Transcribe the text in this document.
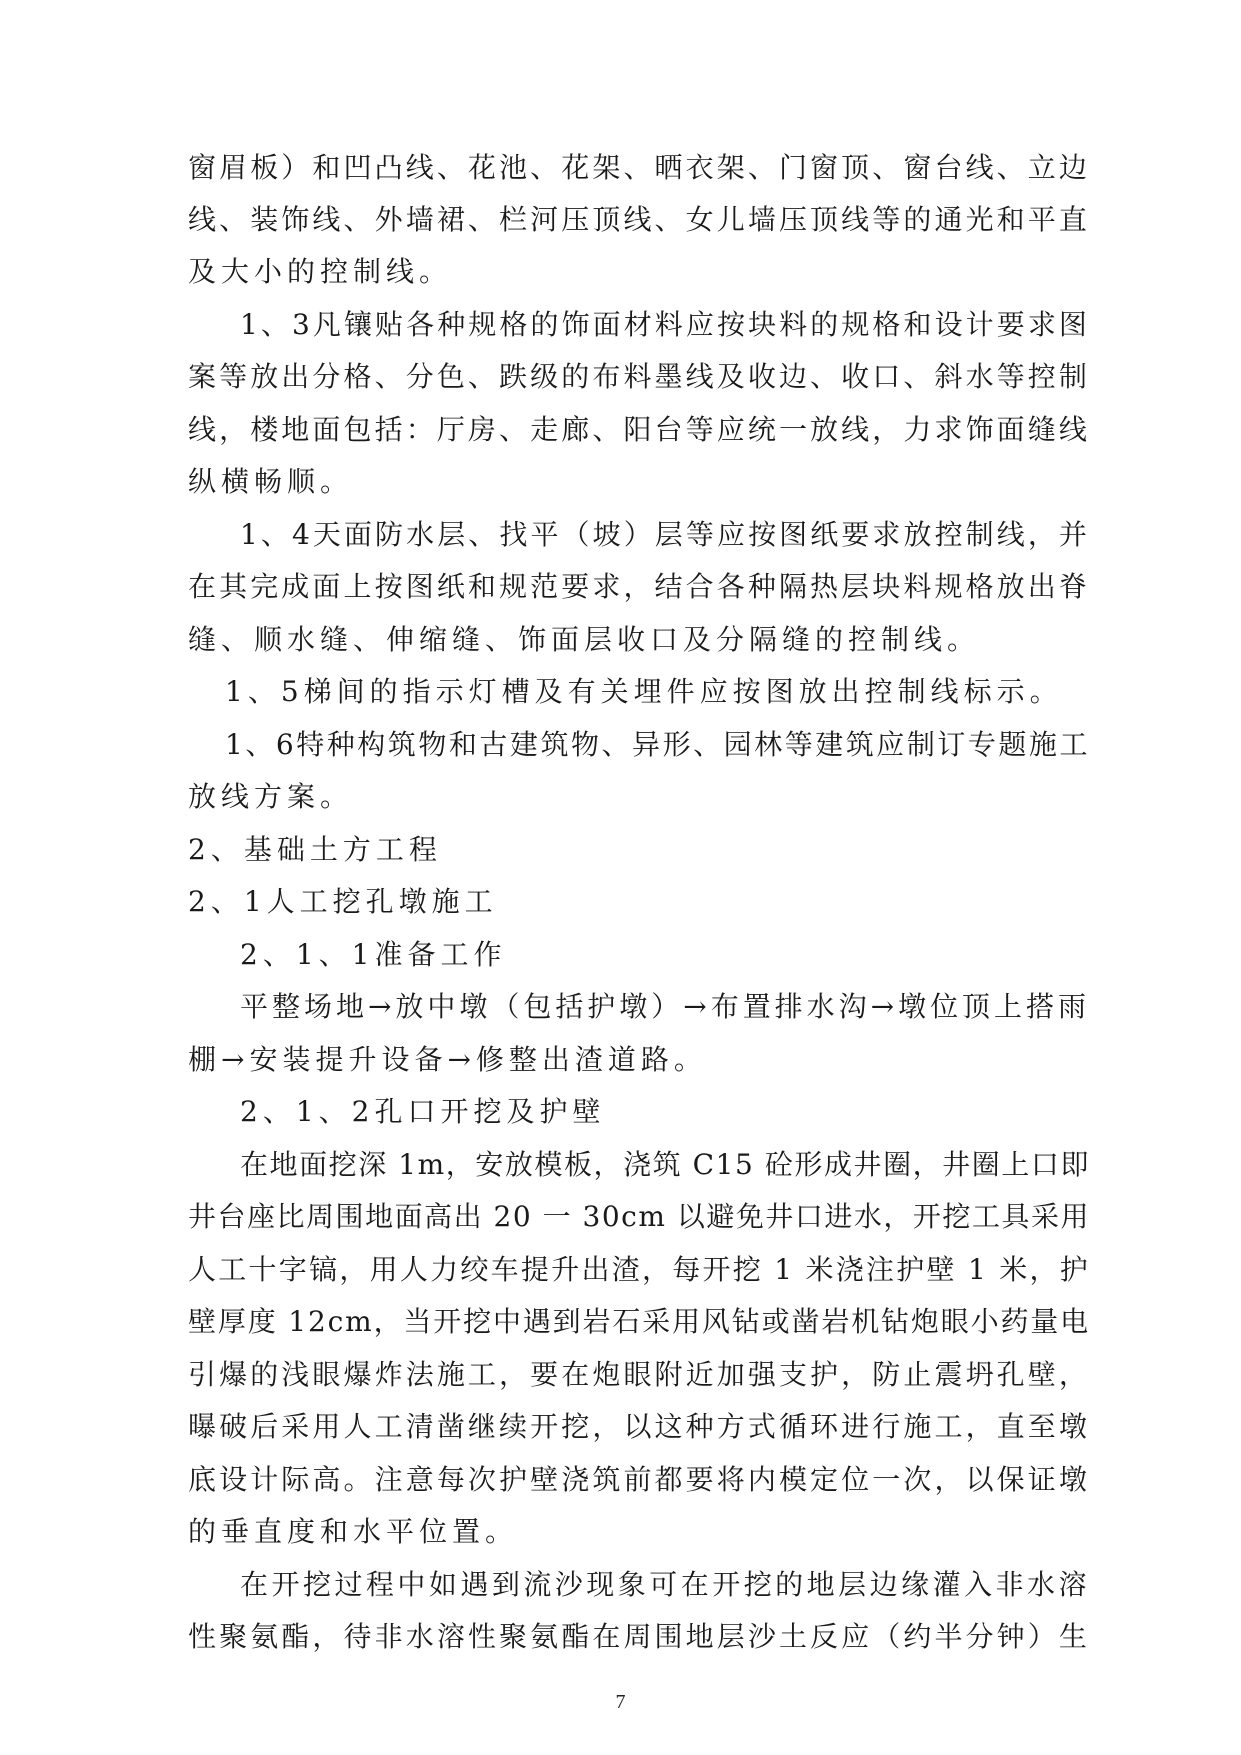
窗眉板）和凹凸线、花池、花架、晒衣架、门窗顶、窗台线、立边
线、装饰线、外墙裙、栏河压顶线、女儿墙压顶线等的通光和平直
及大小的控制线。
1、3凡镶贴各种规格的饰面材料应按块料的规格和设计要求图
案等放出分格、分色、跌级的布料墨线及收边、收口、斜水等控制
线，楼地面包括：厅房、走廊、阳台等应统一放线，力求饰面缝线
纵横畅顺。
1、4天面防水层、找平（坡）层等应按图纸要求放控制线，并
在其完成面上按图纸和规范要求，结合各种隔热层块料规格放出脊
缝、顺水缝、伸缩缝、饰面层收口及分隔缝的控制线。
1、5梯间的指示灯槽及有关埋件应按图放出控制线标示。
1、6特种构筑物和古建筑物、异形、园林等建筑应制订专题施工
放线方案。
2、基础土方工程
2、1人工挖孔墩施工
2、1、1准备工作
平整场地→放中墩（包括护墩）→布置排水沟→墩位顶上搭雨
棚→安装提升设备→修整出渣道路。
2、1、2孔口开挖及护壁
在地面挖深 1m，安放模板，浇筑 C15 砼形成井圈，井圈上口即
井台座比周围地面高出 20 一 30cm 以避免井口进水，开挖工具采用
人工十字镐，用人力绞车提升出渣，每开挖 1 米浇注护壁 1 米，护
壁厚度 12cm，当开挖中遇到岩石采用风钻或凿岩机钻炮眼小药量电
引爆的浅眼爆炸法施工，要在炮眼附近加强支护，防止震坍孔壁，
曝破后采用人工清凿继续开挖，以这种方式循环进行施工，直至墩
底设计际高。注意每次护壁浇筑前都要将内模定位一次，以保证墩
的垂直度和水平位置。
在开挖过程中如遇到流沙现象可在开挖的地层边缘灌入非水溶
性聚氨酯，待非水溶性聚氨酯在周围地层沙土反应（约半分钟）生
7
